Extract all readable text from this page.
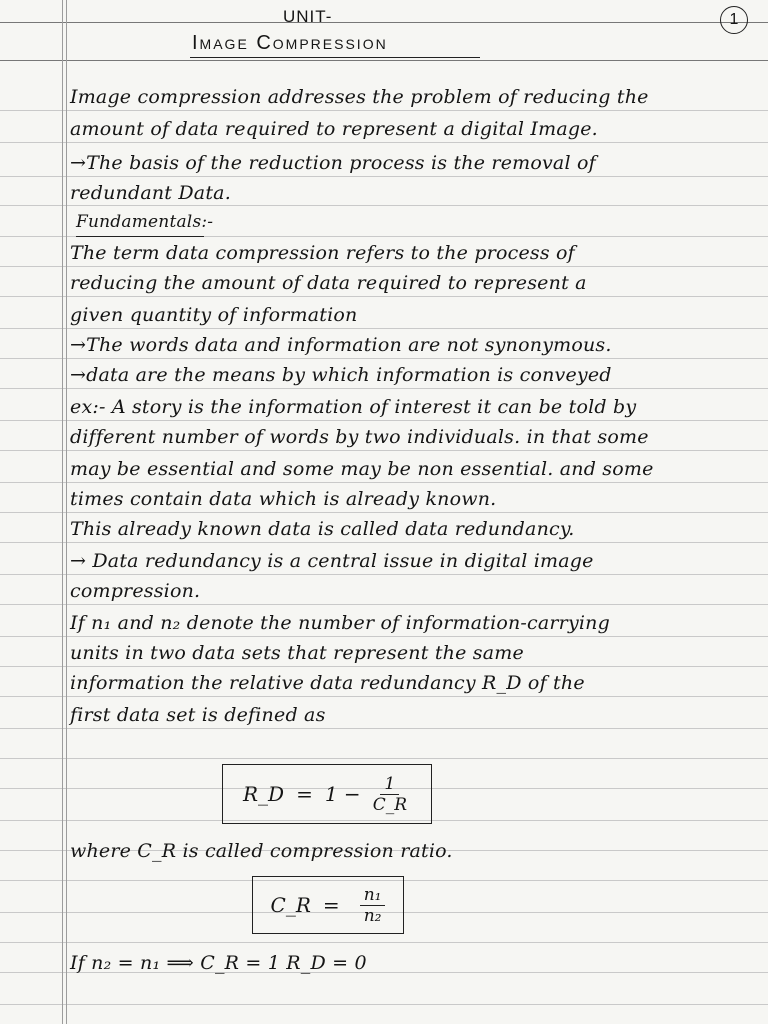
UNIT-
Image Compression
1
Image compression addresses the problem of reducing the
amount of data required to represent a digital Image.
→The basis of the reduction process is the removal of
redundant Data.
Fundamentals:-
The term data compression refers to the process of
reducing the amount of data required to represent a
given quantity of information
→The words data and information are not synonymous.
→data are the means by which information is conveyed
ex:- A story is the information of interest it can be told by
different number of words by two individuals. in that some
may be essential and some may be non essential. and some
times contain data which is already known.
This already known data is called data redundancy.
→ Data redundancy is a central issue in digital image
compression.
If n₁ and n₂ denote the number of information-carrying
units in two data sets that represent the same
information the relative data redundancy R_D of the
first data set is defined as
R_D = $1 - \frac{1}{C\_R}$
where C_R is called compression ratio.
C_R = $\frac{\text{n₁}}{\text{n₂}}$
If n₂ = n₁ ⟹ C_R = 1 R_D = 0
